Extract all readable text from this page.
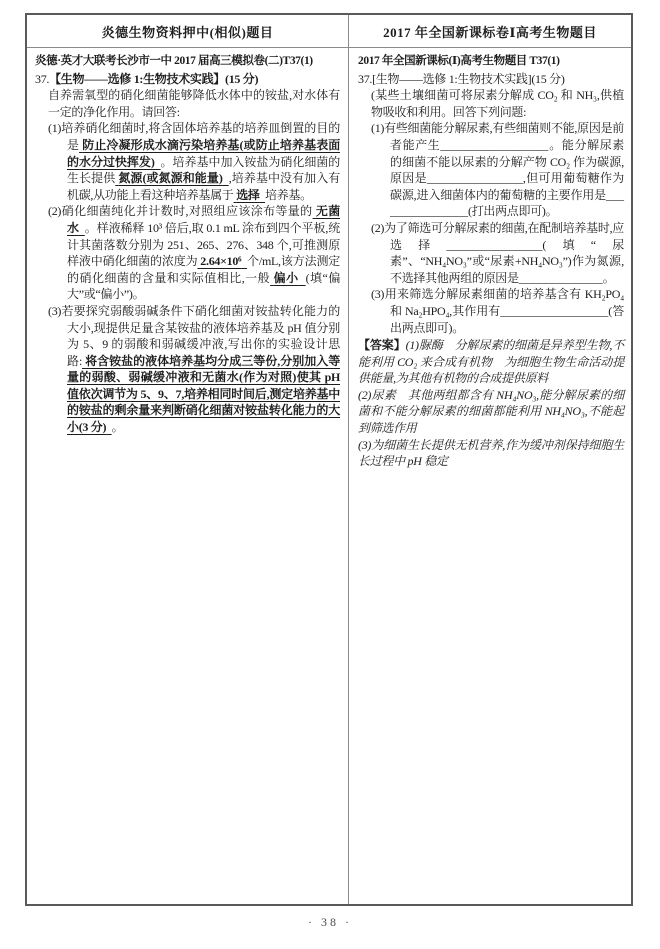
炎德生物资料押中(相似)题目	2017 年全国新课标卷Ⅰ高考生物题目
炎德·英才大联考长沙市一中 2017 届高三模拟卷(二)T37(1)
37.【生物——选修 1:生物技术实践】(15 分)
自养需氧型的硝化细菌能够降低水体中的铵盐,对水体有一定的净化作用。请回答:
(1)培养硝化细菌时,将含固体培养基的培养皿倒置的目的是 防止冷凝形成水滴污染培养基(或防止培养基表面的水分过快挥发) 。培养基中加入铵盐为硝化细菌的生长提供 氮源(或氮源和能量) ,培养基中没有加入有机碳,从功能上看这种培养基属于 选择 培养基。
(2)硝化细菌纯化并计数时,对照组应该涂布等量的 无菌水 。样液稀释 10³ 倍后,取 0.1 mL 涂布到四个平板,统计其菌落数分别为 251、265、276、348 个,可推测原样液中硝化细菌的浓度为 2.64×10⁶ 个/mL,该方法测定的硝化细菌的含量和实际值相比,一般 偏小 (填“偏大”或“偏小”)。
(3)若要探究弱酸弱碱条件下硝化细菌对铵盐转化能力的大小,现提供足量含某铵盐的液体培养基及 pH 值分别为 5、9 的弱酸和弱碱缓冲液,写出你的实验设计思路: 将含铵盐的液体培养基均分成三等份,分别加入等量的弱酸、弱碱缓冲液和无菌水(作为对照)使其 pH 值依次调节为 5、9、7,培养相同时间后,测定培养基中的铵盐的剩余量来判断硝化细菌对铵盐转化能力的大小(3 分) 。
2017 年全国新课标(Ⅰ)高考生物题目 T37(1)
37.[生物——选修 1:生物技术实践](15 分)
(某些土壤细菌可将尿素分解成 CO₂ 和 NH₃,供植物吸收和利用。回答下列问题:
(1)有些细菌能分解尿素,有些细菌则不能,原因是前者能产生__________________。能分解尿素的细菌不能以尿素的分解产物 CO₂ 作为碳源,原因是________________,但可用葡萄糖作为碳源,进入细菌体内的葡萄糖的主要作用是________________(打出两点即可)。
(2)为了筛选可分解尿素的细菌,在配制培养基时,应选择________________(填“尿素”、“NH₄NO₃”或“尿素+NH₄NO₃”)作为氮源,不选择其他两组的原因是______________。
(3)用来筛选分解尿素细菌的培养基含有 KH₂PO₄ 和 Na₂HPO₄,其作用有__________________(答出两点即可)。
【答案】(1)脲酶　分解尿素的细菌是异养型生物,不能利用 CO₂ 来合成有机物　为细胞生物生命活动提供能量,为其他有机物的合成提供原料
(2)尿素　其他两组都含有 NH₄NO₃,能分解尿素的细菌和不能分解尿素的细菌都能利用 NH₄NO₃,不能起到筛选作用
(3)为细菌生长提供无机营养,作为缓冲剂保持细胞生长过程中 pH 稳定
· 38 ·
